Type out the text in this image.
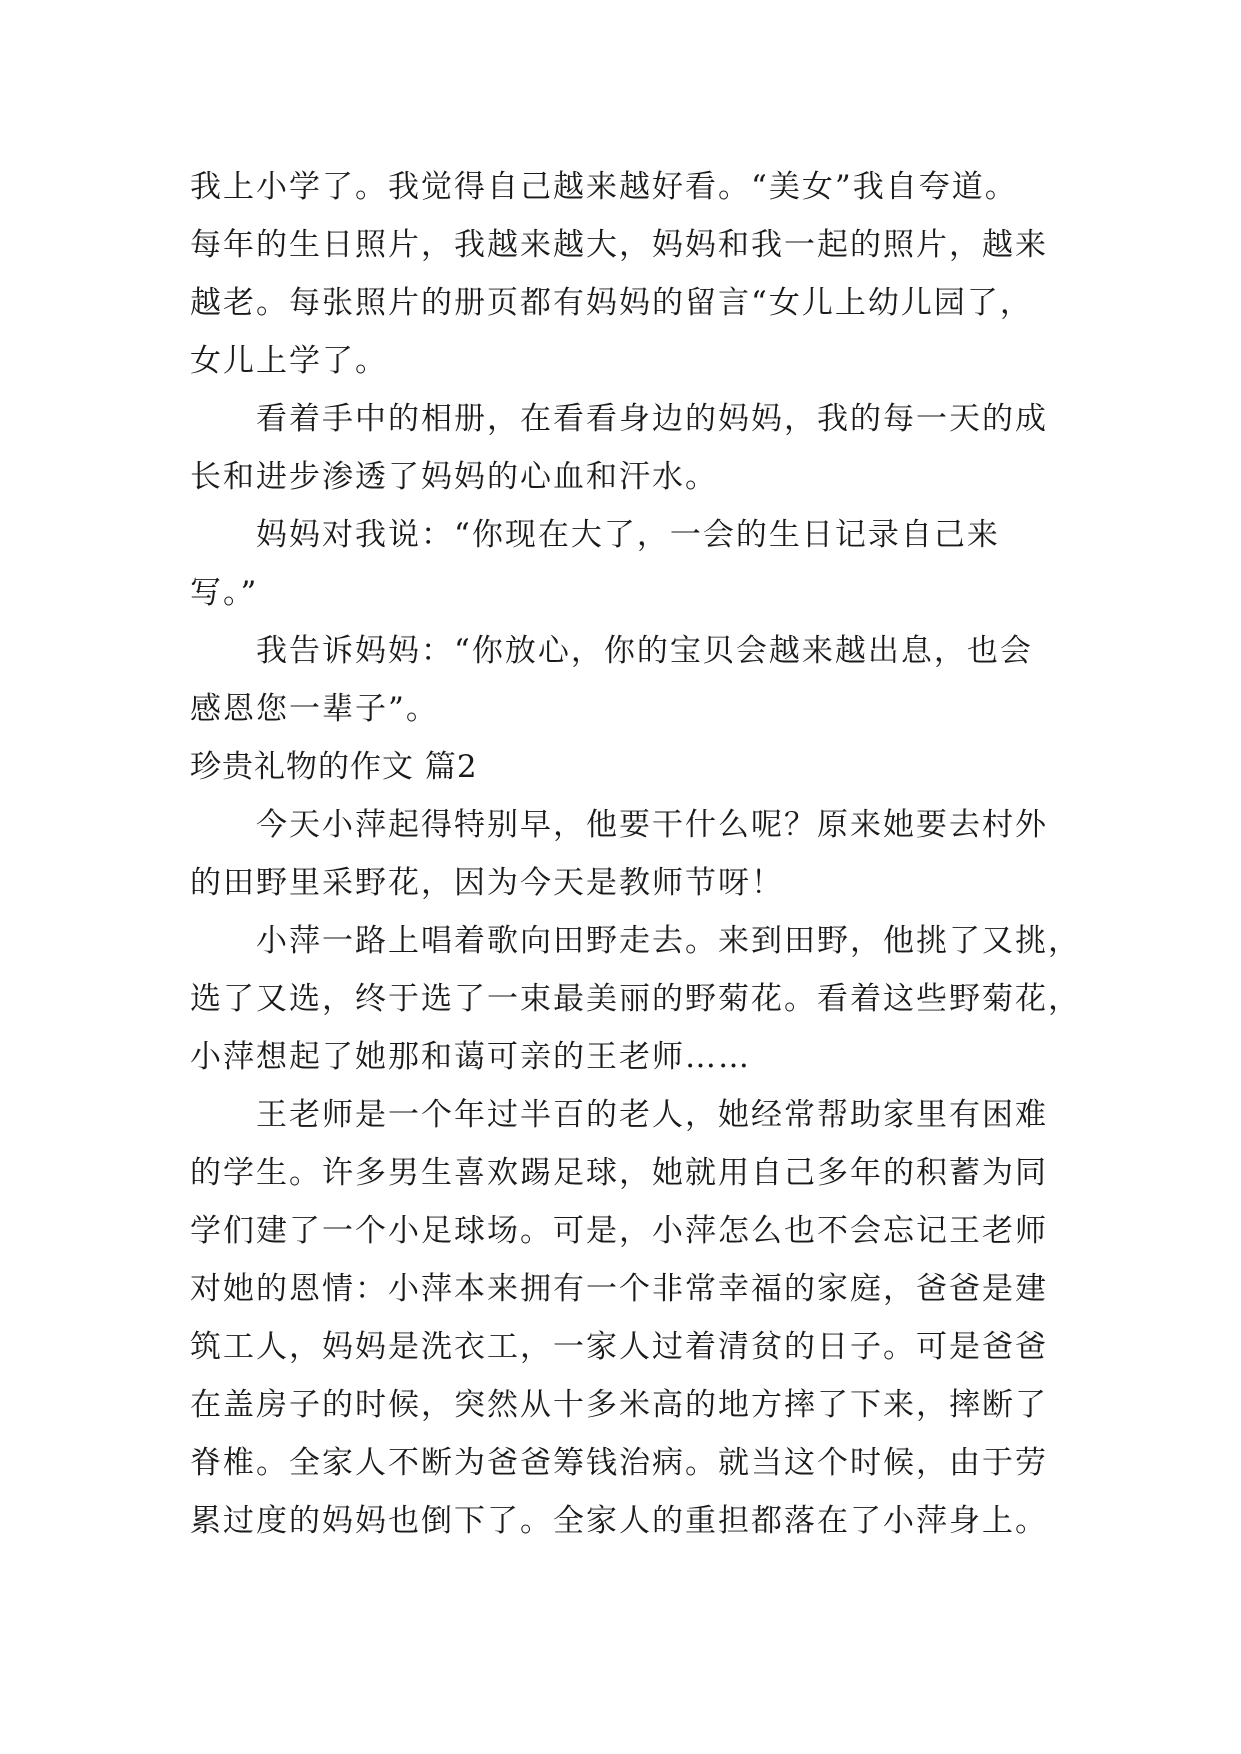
我上小学了。我觉得自己越来越好看。“美女”我自夸道。
每年的生日照片，我越来越大，妈妈和我一起的照片，越来
越老。每张照片的册页都有妈妈的留言“女儿上幼儿园了，
女儿上学了。
看着手中的相册，在看看身边的妈妈，我的每一天的成
长和进步渗透了妈妈的心血和汗水。
妈妈对我说：“你现在大了，一会的生日记录自己来
写。”
我告诉妈妈：“你放心，你的宝贝会越来越出息，也会
感恩您一辈子”。
珍贵礼物的作文 篇2
今天小萍起得特别早，他要干什么呢？原来她要去村外
的田野里采野花，因为今天是教师节呀！
小萍一路上唱着歌向田野走去。来到田野，他挑了又挑，
选了又选，终于选了一束最美丽的野菊花。看着这些野菊花，
小萍想起了她那和蔼可亲的王老师……
王老师是一个年过半百的老人，她经常帮助家里有困难
的学生。许多男生喜欢踢足球，她就用自己多年的积蓄为同
学们建了一个小足球场。可是，小萍怎么也不会忘记王老师
对她的恩情：小萍本来拥有一个非常幸福的家庭，爸爸是建
筑工人，妈妈是洗衣工，一家人过着清贫的日子。可是爸爸
在盖房子的时候，突然从十多米高的地方摔了下来，摔断了
脊椎。全家人不断为爸爸筹钱治病。就当这个时候，由于劳
累过度的妈妈也倒下了。全家人的重担都落在了小萍身上。
